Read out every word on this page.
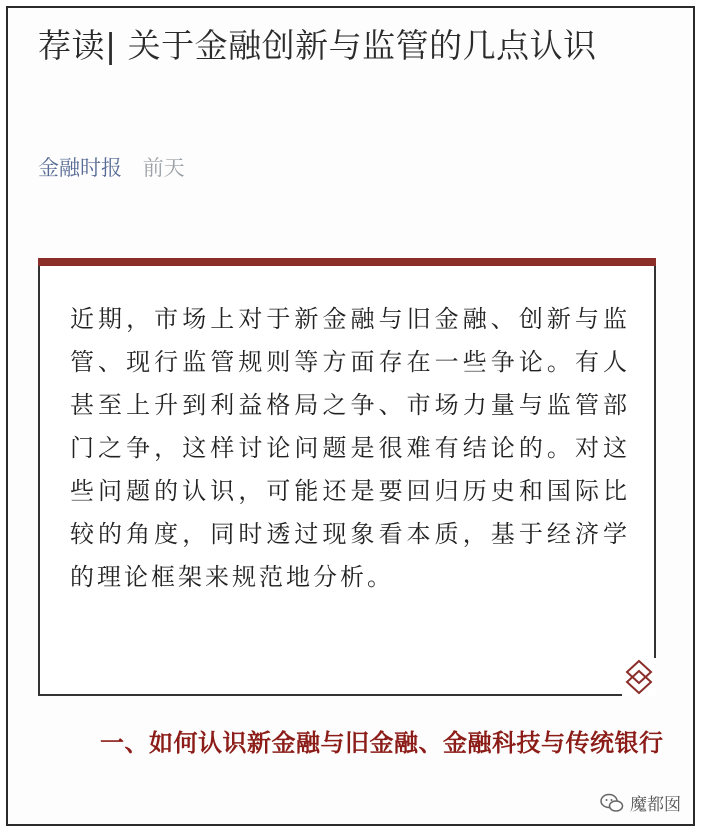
荐读| 关于金融创新与监管的几点认识
金融时报 前天
近期，市场上对于新金融与旧金融、创新与监管、现行监管规则等方面存在一些争论。有人甚至上升到利益格局之争、市场力量与监管部门之争，这样讨论问题是很难有结论的。对这些问题的认识，可能还是要回归历史和国际比较的角度，同时透过现象看本质，基于经济学的理论框架来规范地分析。
一、如何认识新金融与旧金融、金融科技与传统银行
魔都囡
